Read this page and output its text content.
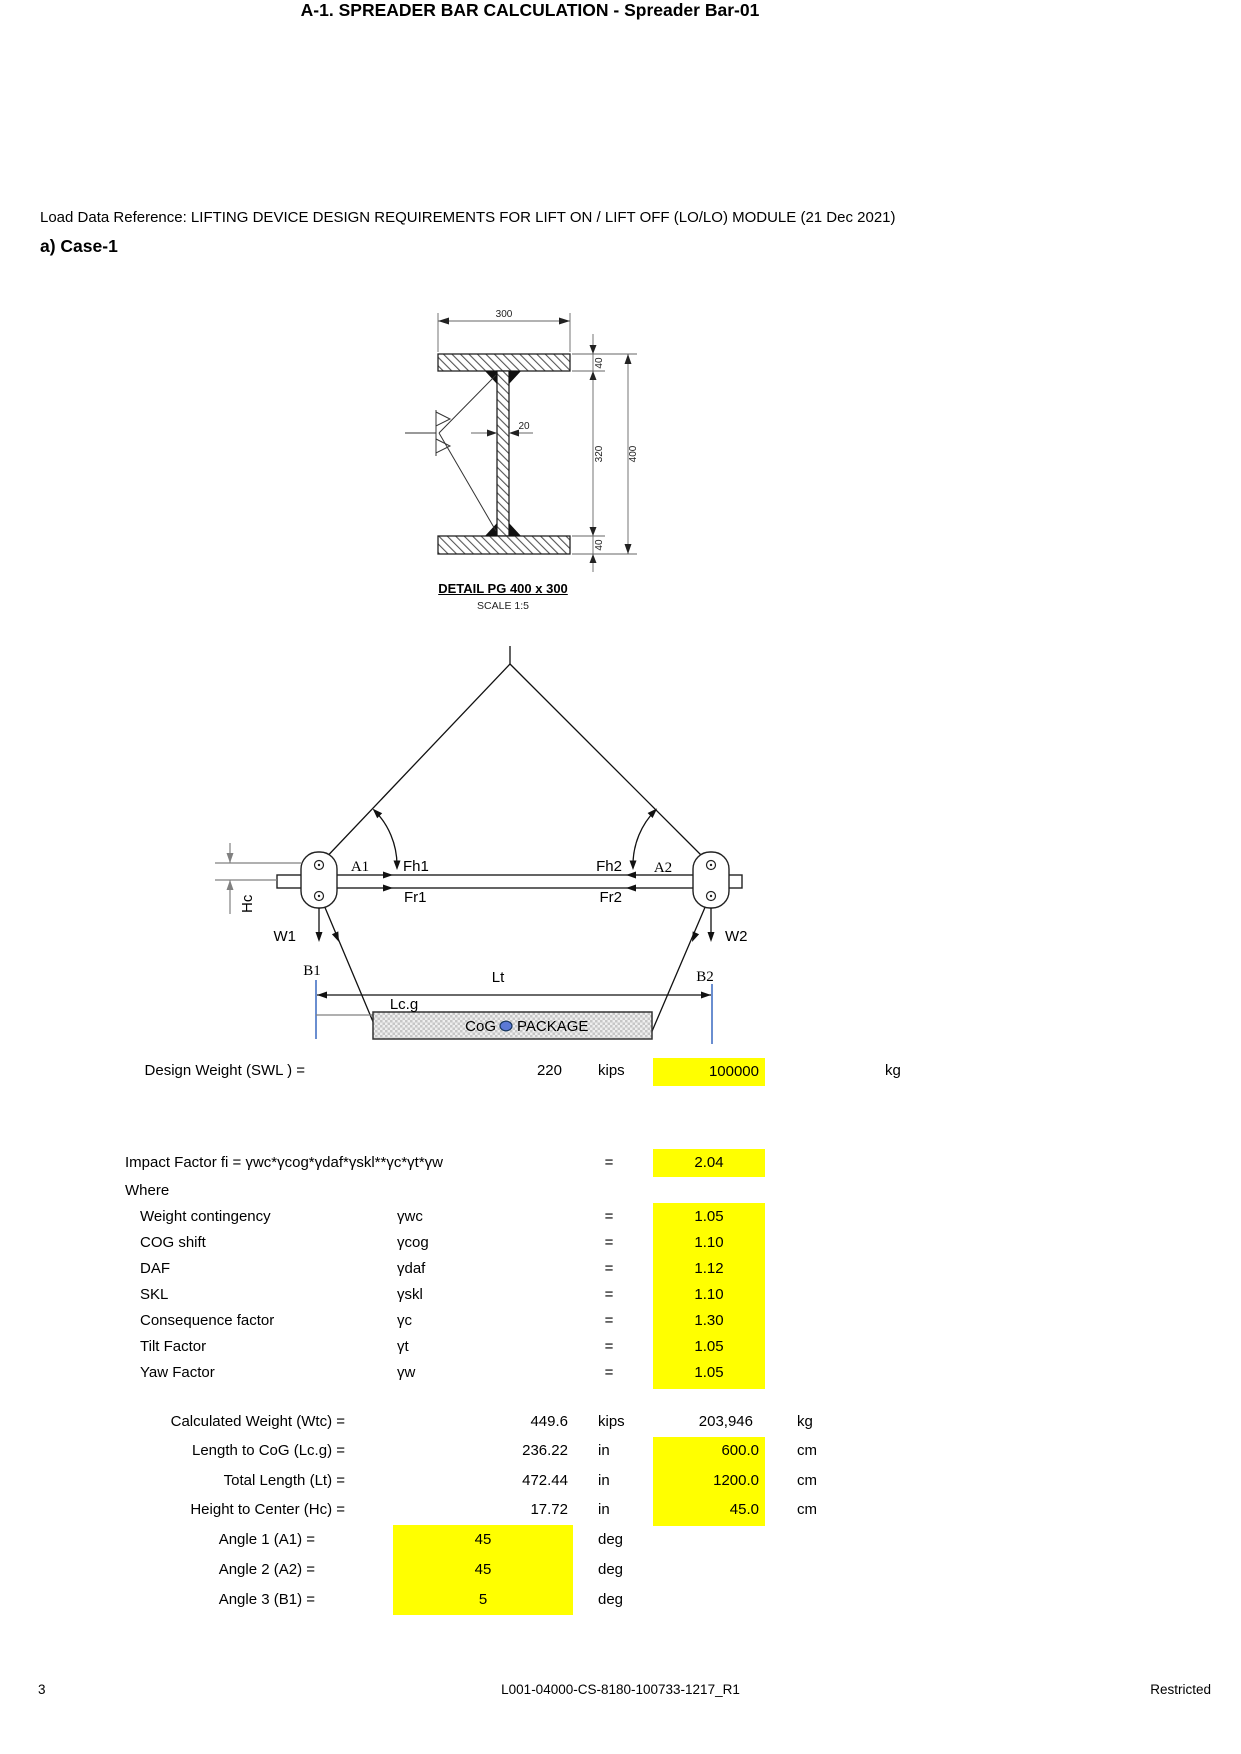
A-1. SPREADER BAR CALCULATION - Spreader Bar-01
Load Data Reference: LIFTING DEVICE DESIGN REQUIREMENTS FOR LIFT ON / LIFT OFF (LO/LO) MODULE (21 Dec 2021)
a) Case-1
300
20
40
320
40
400
DETAIL PG 400 x 300
SCALE 1:5
Hc
A1	A2
Fh1
Fr1
Fh2
Fr2
W1	W2
B1	B2
Lt
Lc.g
CoG PACKAGE
Design Weight (SWL ) =	220 kips	100000	kg
Impact Factor fi = γwc*γcog*γdaf*γskl**γc*γt*γw	=	2.04
Where
Weight contingency	γwc	=	1.05
COG shift	γcog	=	1.10
DAF	γdaf	=	1.12
SKL	γskl	=	1.10
Consequence factor	γc	=	1.30
Tilt Factor	γt	=	1.05
Yaw Factor	γw	=	1.05
Calculated Weight (Wtc) =	449.6 kips	203,946	kg
Length to CoG (Lc.g) =	236.22 in	600.0	cm
Total Length (Lt) =	472.44 in	1200.0	cm
Height to Center (Hc) =	17.72 in	45.0	cm
Angle 1 (A1) =	45	deg
Angle 2 (A2) =	45	deg
Angle 3 (B1) =	5	deg
3	L001-04000-CS-8180-100733-1217_R1	Restricted
